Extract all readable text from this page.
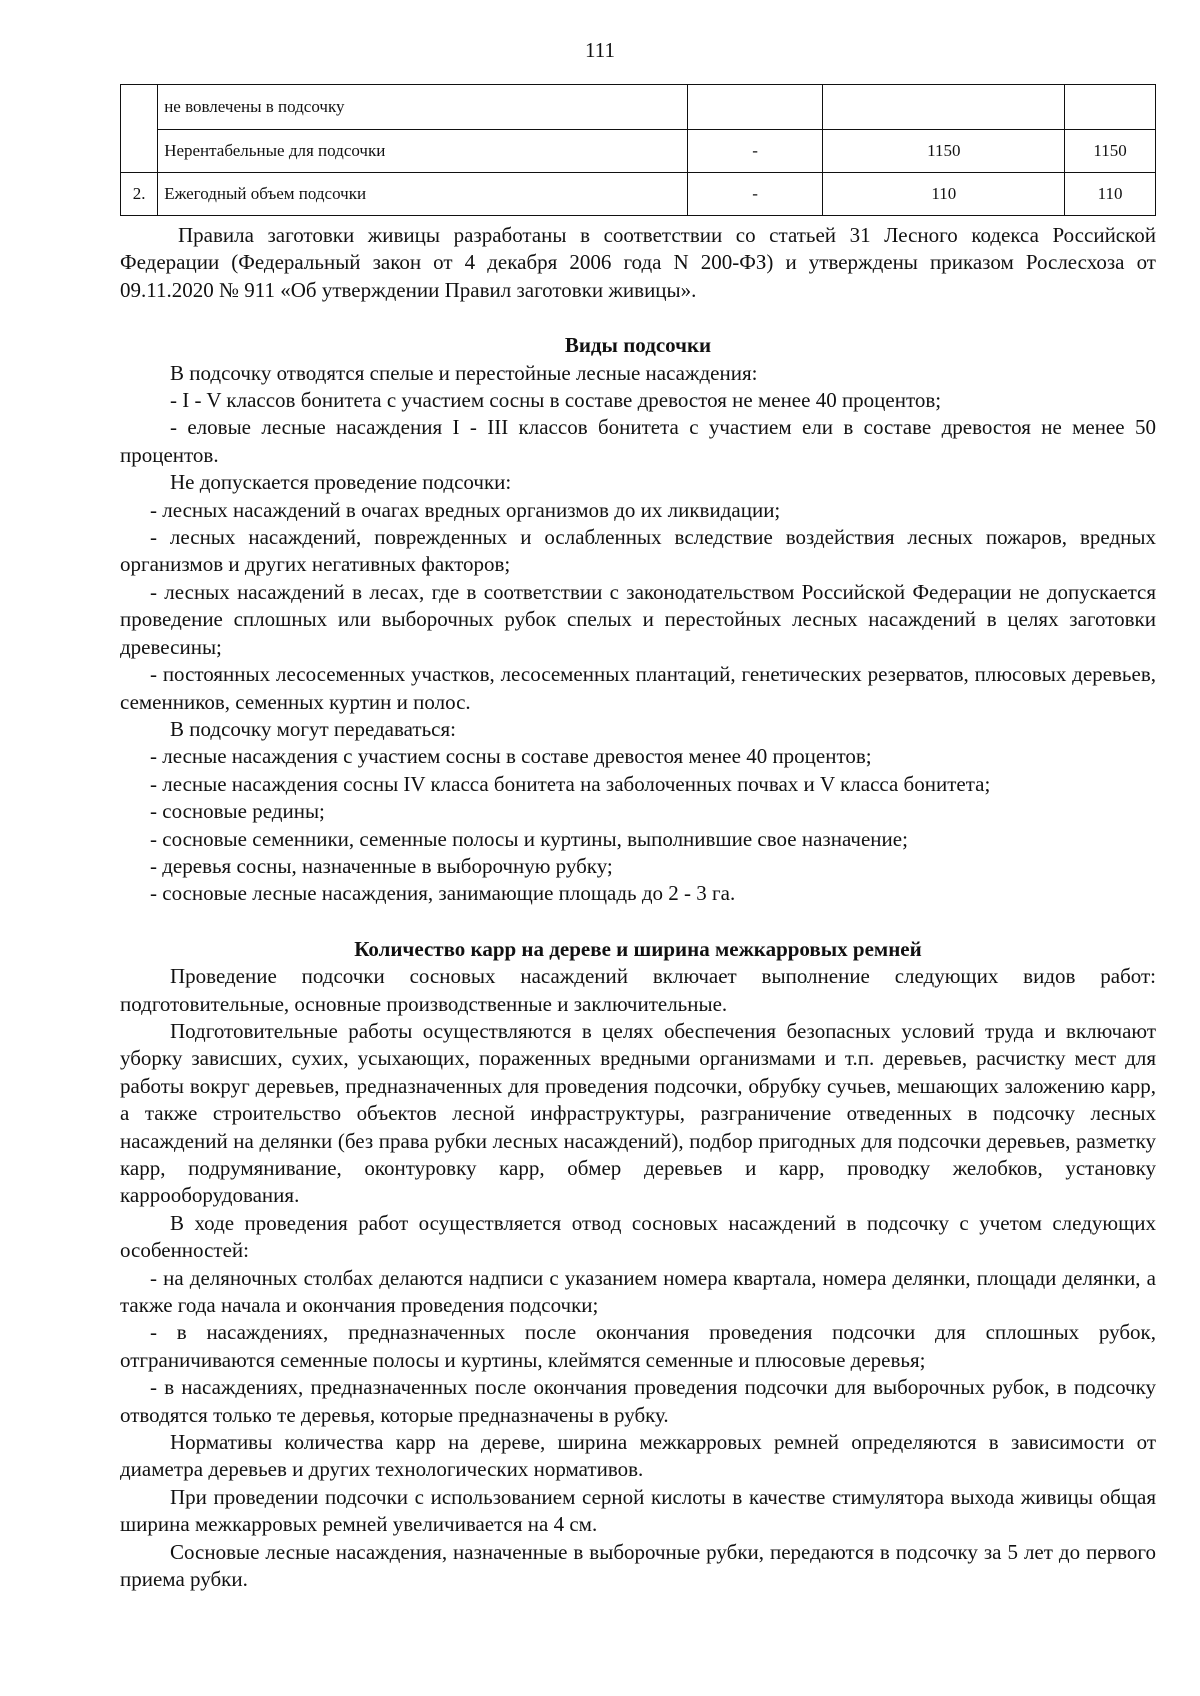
111
	не вовлечены в подсочку			
	Нерентабельные для подсочки	-	1150	1150
2.	Ежегодный объем подсочки	-	110	110

Правила заготовки живицы разработаны в соответствии со статьей 31 Лесного кодекса Российской Федерации (Федеральный закон от 4 декабря 2006 года N 200-ФЗ) и утверждены приказом Рослесхоза от 09.11.2020 № 911 «Об утверждении Правил заготовки живицы».

Виды подсочки

В подсочку отводятся спелые и перестойные лесные насаждения:

- I - V классов бонитета с участием сосны в составе древостоя не менее 40 процентов;

- еловые лесные насаждения I - III классов бонитета с участием ели в составе древостоя не менее 50 процентов.

Не допускается проведение подсочки:

- лесных насаждений в очагах вредных организмов до их ликвидации;

- лесных насаждений, поврежденных и ослабленных вследствие воздействия лесных пожаров, вредных организмов и других негативных факторов;

- лесных насаждений в лесах, где в соответствии с законодательством Российской Федерации не допускается проведение сплошных или выборочных рубок спелых и перестойных лесных насаждений в целях заготовки древесины;

- постоянных лесосеменных участков, лесосеменных плантаций, генетических резерватов, плюсовых деревьев, семенников, семенных куртин и полос.

В подсочку могут передаваться:

- лесные насаждения с участием сосны в составе древостоя менее 40 процентов;

- лесные насаждения сосны IV класса бонитета на заболоченных почвах и V класса бонитета;

- сосновые редины;

- сосновые семенники, семенные полосы и куртины, выполнившие свое назначение;

- деревья сосны, назначенные в выборочную рубку;

- сосновые лесные насаждения, занимающие площадь до 2 - 3 га.

Количество карр на дереве и ширина межкарровых ремней

Проведение подсочки сосновых насаждений включает выполнение следующих видов работ: подготовительные, основные производственные и заключительные.

Подготовительные работы осуществляются в целях обеспечения безопасных условий труда и включают уборку зависших, сухих, усыхающих, пораженных вредными организмами и т.п. деревьев, расчистку мест для работы вокруг деревьев, предназначенных для проведения подсочки, обрубку сучьев, мешающих заложению карр, а также строительство объектов лесной инфраструктуры, разграничение отведенных в подсочку лесных насаждений на делянки (без права рубки лесных насаждений), подбор пригодных для подсочки деревьев, разметку карр, подрумянивание, оконтуровку карр, обмер деревьев и карр, проводку желобков, установку каррооборудования.

В ходе проведения работ осуществляется отвод сосновых насаждений в подсочку с учетом следующих особенностей:

- на деляночных столбах делаются надписи с указанием номера квартала, номера делянки, площади делянки, а также года начала и окончания проведения подсочки;

- в насаждениях, предназначенных после окончания проведения подсочки для сплошных рубок, отграничиваются семенные полосы и куртины, клеймятся семенные и плюсовые деревья;

- в насаждениях, предназначенных после окончания проведения подсочки для выборочных рубок, в подсочку отводятся только те деревья, которые предназначены в рубку.

Нормативы количества карр на дереве, ширина межкарровых ремней определяются в зависимости от диаметра деревьев и других технологических нормативов.

При проведении подсочки с использованием серной кислоты в качестве стимулятора выхода живицы общая ширина межкарровых ремней увеличивается на 4 см.

Сосновые лесные насаждения, назначенные в выборочные рубки, передаются в подсочку за 5 лет до первого приема рубки.
